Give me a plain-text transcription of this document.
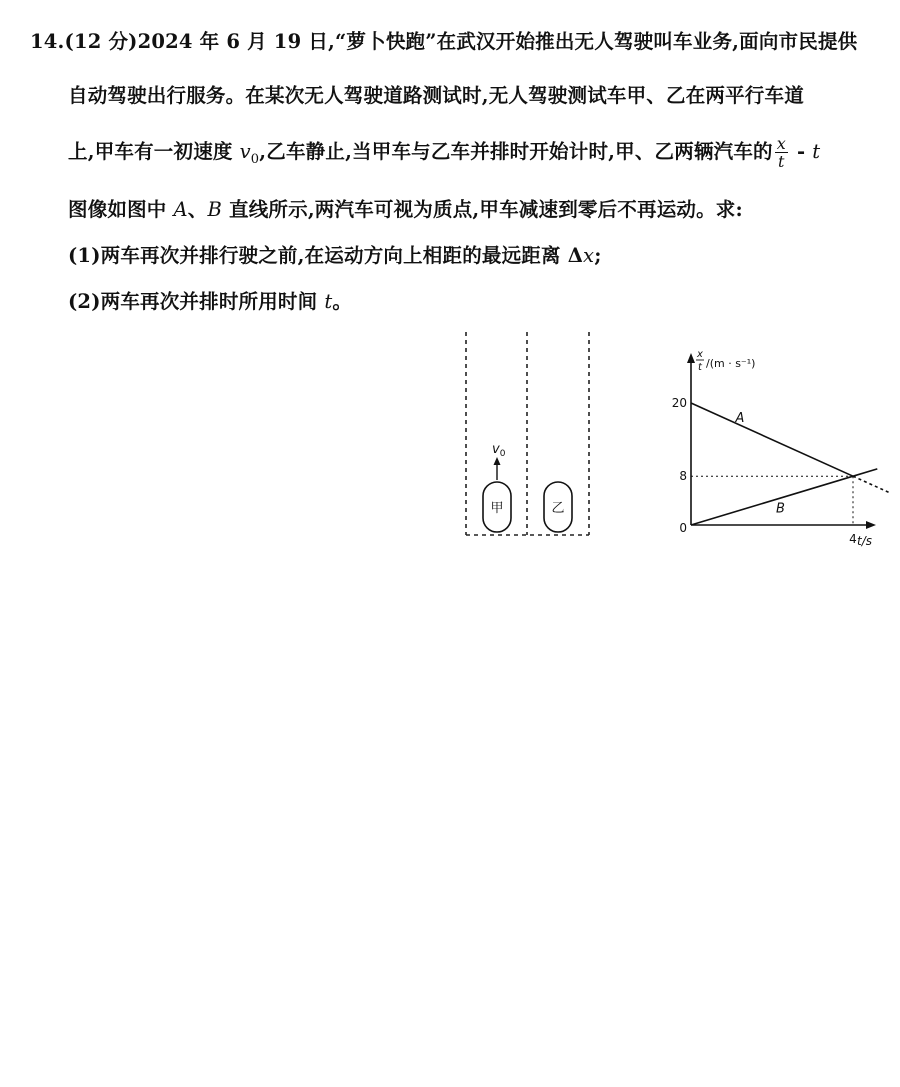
14.(12 分)2024 年 6 月 19 日,“萝卜快跑”在武汉开始推出无人驾驶叫车业务,面向市民提供
自动驾驶出行服务。在某次无人驾驶道路测试时,无人驾驶测试车甲、乙在两平行车道
上,甲车有一初速度 $v_0$,乙车静止,当甲车与乙车并排时开始计时,甲、乙两辆汽车的 $\frac{x}{t}$ - t
图像如图中 A、B 直线所示,两汽车可视为质点,甲车减速到零后不再运动。求:
(1)两车再次并排行驶之前,在运动方向上相距的最远距离 Δx;
(2)两车再次并排时所用时间 t。
$v_0$
甲	乙
x
t /(m · s⁻¹)
t/s
0
20
8
4
A
B
